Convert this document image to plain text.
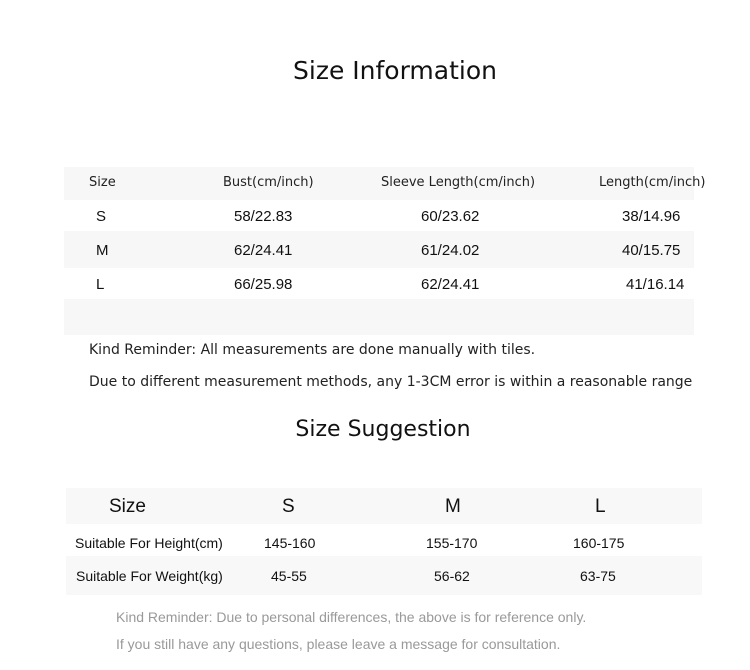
Size Information
Size	Bust(cm/inch)	Sleeve Length(cm/inch)	Length(cm/inch)
S	58/22.83	60/23.62	38/14.96
M	62/24.41	61/24.02	40/15.75
L	66/25.98	62/24.41	41/16.14
Kind Reminder: All measurements are done manually with tiles.
Due to different measurement methods, any 1-3CM error is within a reasonable range
Size Suggestion
Size	S	M	L
Suitable For Height(cm)	145-160	155-170	160-175
Suitable For Weight(kg)	45-55	56-62	63-75
Kind Reminder: Due to personal differences, the above is for reference only.
If you still have any questions, please leave a message for consultation.
